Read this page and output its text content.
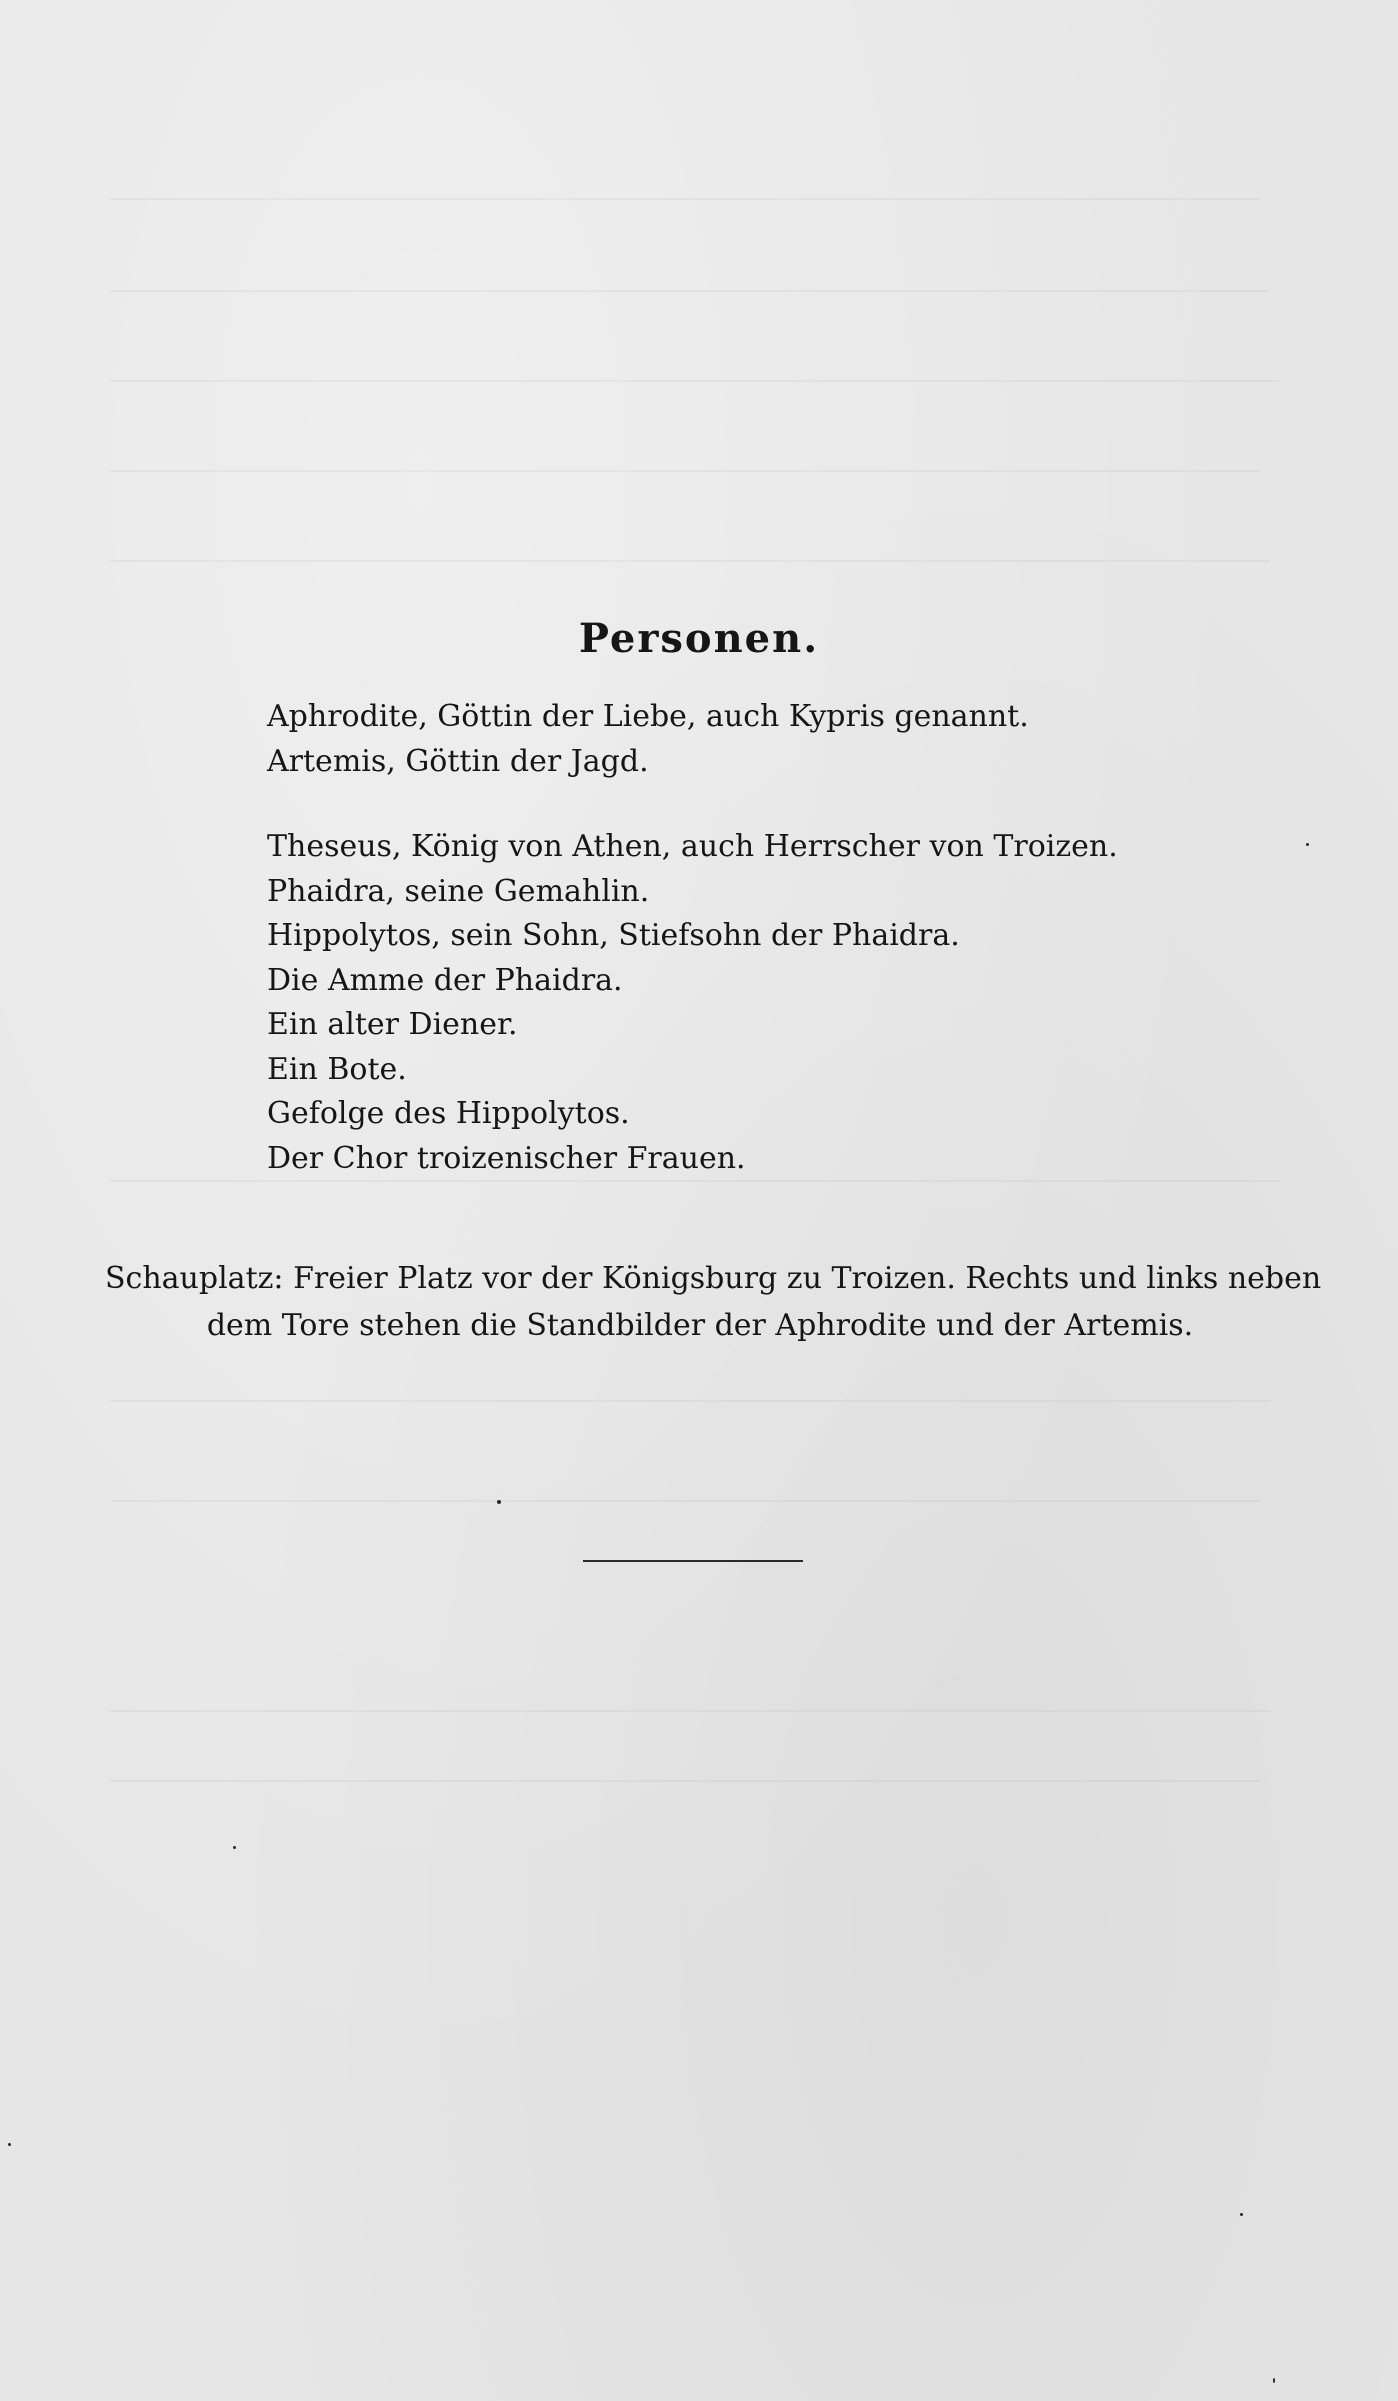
Personen.
Aphrodite, Göttin der Liebe, auch Kypris genannt.
Artemis, Göttin der Jagd.
Theseus, König von Athen, auch Herrscher von Troizen.
Phaidra, seine Gemahlin.
Hippolytos, sein Sohn, Stiefsohn der Phaidra.
Die Amme der Phaidra.
Ein alter Diener.
Ein Bote.
Gefolge des Hippolytos.
Der Chor troizenischer Frauen.
Schauplatz: Freier Platz vor der Königsburg zu Troizen. Rechts und links neben
dem Tore stehen die Standbilder der Aphrodite und der Artemis.
